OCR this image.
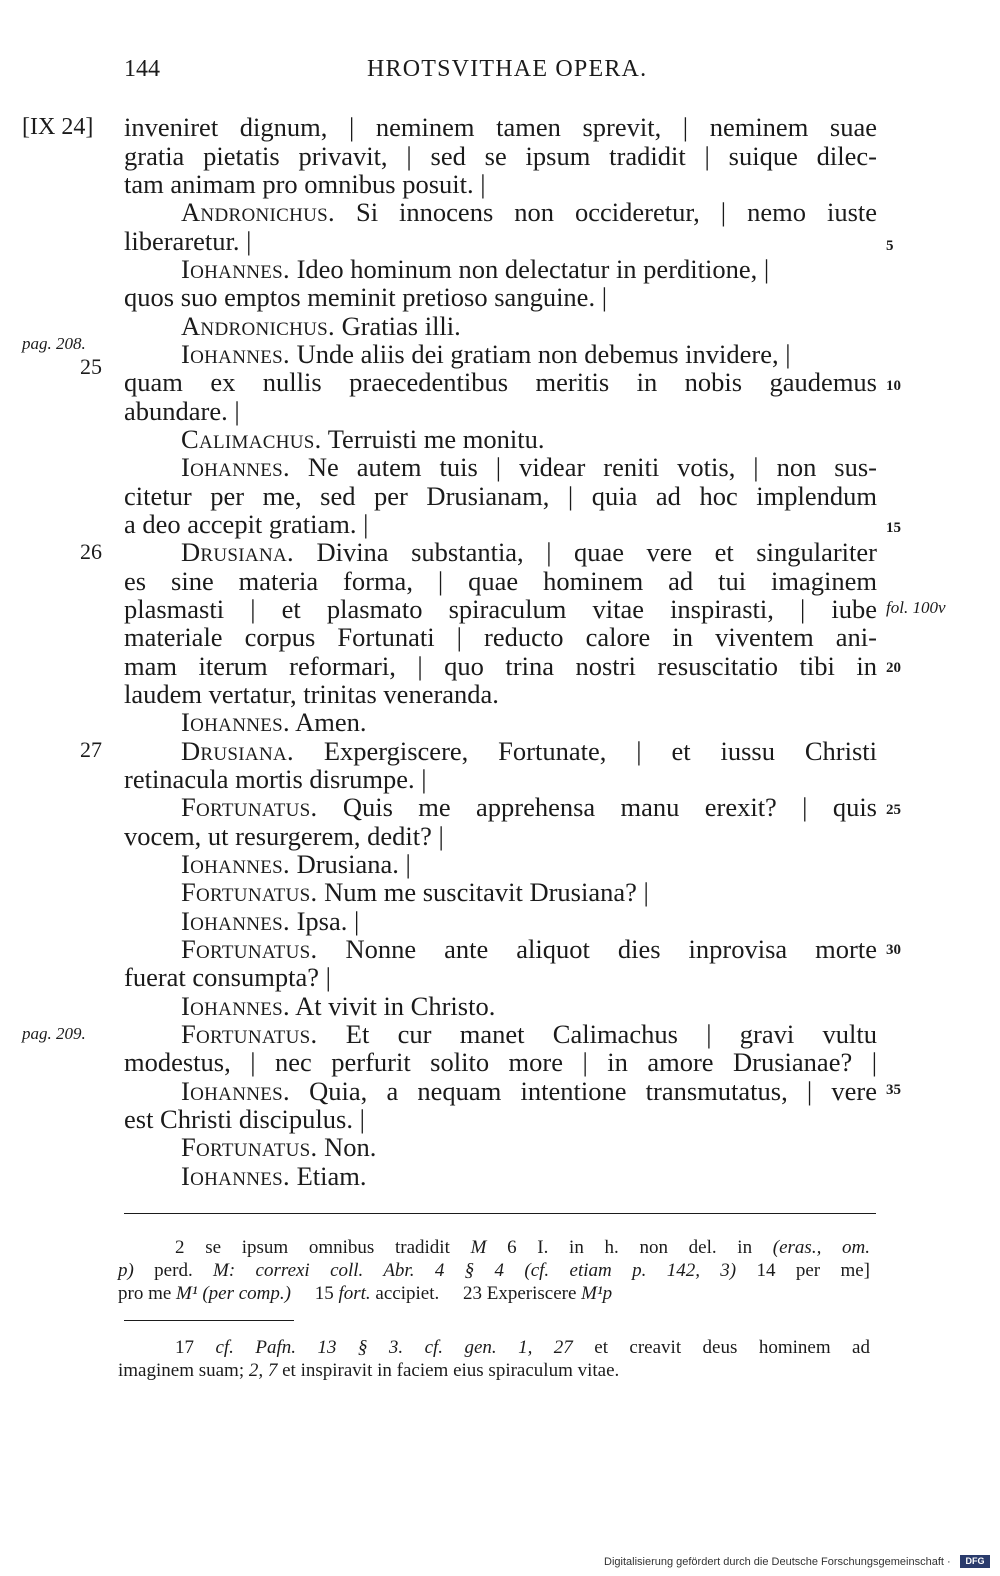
144	HROTSVITHAE OPERA.
[IX 24]
pag. 208.
25
26
27
pag. 209.
fol. 100v
5
10
15
20
25
30
35
inveniret dignum, | neminem tamen sprevit, | neminem suae
gratia pietatis privavit, | sed se ipsum tradidit | suique dilec-
tam animam pro omnibus posuit. |
Andronichus. Si innocens non occideretur, | nemo iuste
liberaretur. |
Iohannes. Ideo hominum non delectatur in perditione, |
quos suo emptos meminit pretioso sanguine. |
Andronichus. Gratias illi.
Iohannes. Unde aliis dei gratiam non debemus invidere, |
quam ex nullis praecedentibus meritis in nobis gaudemus
abundare. |
Calimachus. Terruisti me monitu.
Iohannes. Ne autem tuis | videar reniti votis, | non sus-
citetur per me, sed per Drusianam, | quia ad hoc implendum
a deo accepit gratiam. |
Drusiana. Divina substantia, | quae vere et singulariter
es sine materia forma, | quae hominem ad tui imaginem
plasmasti | et plasmato spiraculum vitae inspirasti, | iube
materiale corpus Fortunati | reducto calore in viventem ani-
mam iterum reformari, | quo trina nostri resuscitatio tibi in
laudem vertatur, trinitas veneranda.
Iohannes. Amen.
Drusiana. Expergiscere, Fortunate, | et iussu Christi
retinacula mortis disrumpe. |
Fortunatus. Quis me apprehensa manu erexit? | quis
vocem, ut resurgerem, dedit? |
Iohannes. Drusiana. |
Fortunatus. Num me suscitavit Drusiana? |
Iohannes. Ipsa. |
Fortunatus. Nonne ante aliquot dies inprovisa morte
fuerat consumpta? |
Iohannes. At vivit in Christo.
Fortunatus. Et cur manet Calimachus | gravi vultu
modestus, | nec perfurit solito more | in amore Drusianae? |
Iohannes. Quia, a nequam intentione transmutatus, | vere
est Christi discipulus. |
Fortunatus. Non.
Iohannes. Etiam.
2 se ipsum omnibus tradidit M 6 I. in h. non del. in (eras., om.
p) perd. M: correxi coll. Abr. 4 § 4 (cf. etiam p. 142, 3) 14 per me]
pro me M¹ (per comp.)     15 fort. accipiet.     23 Experiscere M¹p
17 cf. Pafn. 13 § 3. cf. gen. 1, 27 et creavit deus hominem ad
imaginem suam; 2, 7 et inspiravit in faciem eius spiraculum vitae.
Digitalisierung gefördert durch die Deutsche Forschungsgemeinschaft ·	DFG
